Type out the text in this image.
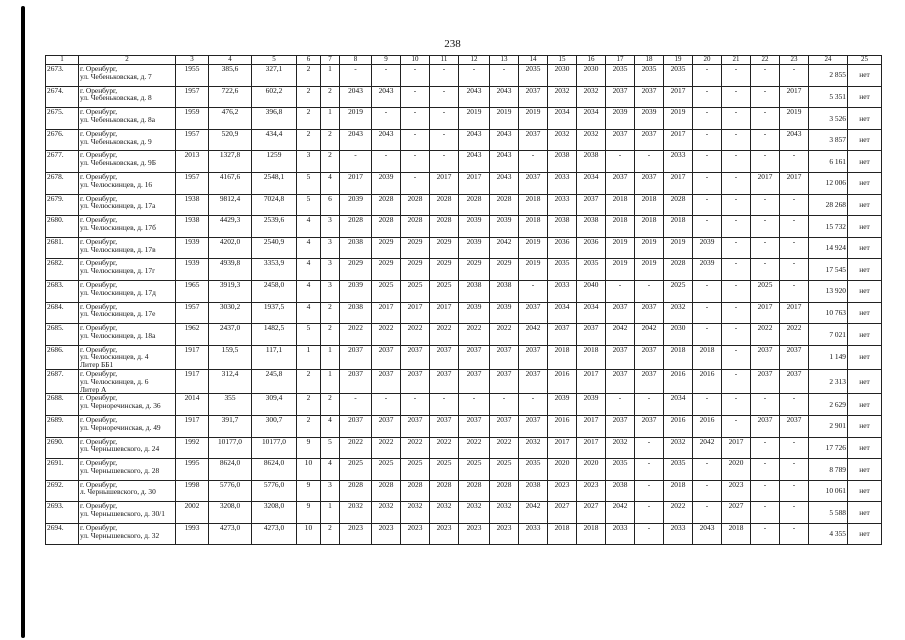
238
1	2	3	4	5	6	7	8	9	10	11	12	13	14	15	16	17	18	19	20	21	22	23	24	25
2673.	г. Оренбург,
ул. Чебеньковская, д. 7	1955	385,6	327,1	2	1	-	-	-	-	-	-	2035	2030	2030	2035	2035	2035	-	-	-	-	2 855	нет
2674.	г. Оренбург,
ул. Чебеньковская, д. 8	1957	722,6	602,2	2	2	2043	2043	-	-	2043	2043	2037	2032	2032	2037	2037	2017	-	-	-	2017	5 351	нет
2675.	г. Оренбург,
ул. Чебеньковская, д. 8а	1959	476,2	396,8	2	1	2019	-	-	-	2019	2019	2019	2034	2034	2039	2039	2019	-	-	-	2019	3 526	нет
2676.	г. Оренбург,
ул. Чебеньковская, д. 9	1957	520,9	434,4	2	2	2043	2043	-	-	2043	2043	2037	2032	2032	2037	2037	2017	-	-	-	2043	3 857	нет
2677.	г. Оренбург,
ул. Чебеньковская, д. 9Б	2013	1327,8	1259	3	2	-	-	-	-	2043	2043	-	2038	2038	-	-	2033	-	-	-	-	6 161	нет
2678.	г. Оренбург,
ул. Челюскинцев, д. 16	1957	4167,6	2548,1	5	4	2017	2039	-	2017	2017	2043	2037	2033	2034	2037	2037	2017	-	-	2017	2017	12 006	нет
2679.	г. Оренбург,
ул. Челюскинцев, д. 17а	1938	9812,4	7024,8	5	6	2039	2028	2028	2028	2028	2028	2018	2033	2037	2018	2018	2028	-	-	-	-	28 268	нет
2680.	г. Оренбург,
ул. Челюскинцев, д. 17б	1938	4429,3	2539,6	4	3	2028	2028	2028	2028	2039	2039	2018	2038	2038	2018	2018	2018	-	-	-	-	15 732	нет
2681.	г. Оренбург,
ул. Челюскинцев, д. 17в	1939	4202,0	2540,9	4	3	2038	2029	2029	2029	2039	2042	2019	2036	2036	2019	2019	2019	2039	-	-	-	14 924	нет
2682.	г. Оренбург,
ул. Челюскинцев, д. 17г	1939	4939,8	3353,9	4	3	2029	2029	2029	2029	2029	2029	2019	2035	2035	2019	2019	2028	2039	-	-	-	17 545	нет
2683.	г. Оренбург,
ул. Челюскинцев, д. 17д	1965	3919,3	2458,0	4	3	2039	2025	2025	2025	2038	2038	-	2033	2040	-	-	2025	-	-	2025	-	13 920	нет
2684.	г. Оренбург,
ул. Челюскинцев, д. 17е	1957	3030,2	1937,5	4	2	2038	2017	2017	2017	2039	2039	2037	2034	2034	2037	2037	2032	-	-	2017	2017	10 763	нет
2685.	г. Оренбург,
ул. Челюскинцев, д. 18а	1962	2437,0	1482,5	5	2	2022	2022	2022	2022	2022	2022	2042	2037	2037	2042	2042	2030	-	-	2022	2022	7 021	нет
2686.	г. Оренбург,
ул. Челюскинцев, д. 4
Литер ББ1	1917	159,5	117,1	1	1	2037	2037	2037	2037	2037	2037	2037	2018	2018	2037	2037	2018	2018	-	2037	2037	1 149	нет
2687.	г. Оренбург,
ул. Челюскинцев, д. 6
Литер А	1917	312,4	245,8	2	1	2037	2037	2037	2037	2037	2037	2037	2016	2017	2037	2037	2016	2016	-	2037	2037	2 313	нет
2688.	г. Оренбург,
ул. Черноречинская, д. 36	2014	355	309,4	2	2	-	-	-	-	-	-	-	2039	2039	-	-	2034	-	-	-	-	2 629	нет
2689.	г. Оренбург,
ул. Черноречинская, д. 49	1917	391,7	300,7	2	4	2037	2037	2037	2037	2037	2037	2037	2016	2017	2037	2037	2016	2016	-	2037	2037	2 901	нет
2690.	г. Оренбург,
ул. Чернышевского, д. 24	1992	10177,0	10177,0	9	5	2022	2022	2022	2022	2022	2022	2032	2017	2017	2032	-	2032	2042	2017	-	-	17 726	нет
2691.	г. Оренбург,
ул. Чернышевского, д. 28	1995	8624,0	8624,0	10	4	2025	2025	2025	2025	2025	2025	2035	2020	2020	2035	-	2035	-	2020	-	-	8 789	нет
2692.	г. Оренбург,
л. Чернышевского, д. 30	1998	5776,0	5776,0	9	3	2028	2028	2028	2028	2028	2028	2038	2023	2023	2038	-	2018	-	2023	-	-	10 061	нет
2693.	г. Оренбург,
ул. Чернышевского, д. 30/1	2002	3208,0	3208,0	9	1	2032	2032	2032	2032	2032	2032	2042	2027	2027	2042	-	2022	-	2027	-	-	5 588	нет
2694.	г. Оренбург,
ул. Чернышевского, д. 32	1993	4273,0	4273,0	10	2	2023	2023	2023	2023	2023	2023	2033	2018	2018	2033	-	2033	2043	2018	-	-	4 355	нет
